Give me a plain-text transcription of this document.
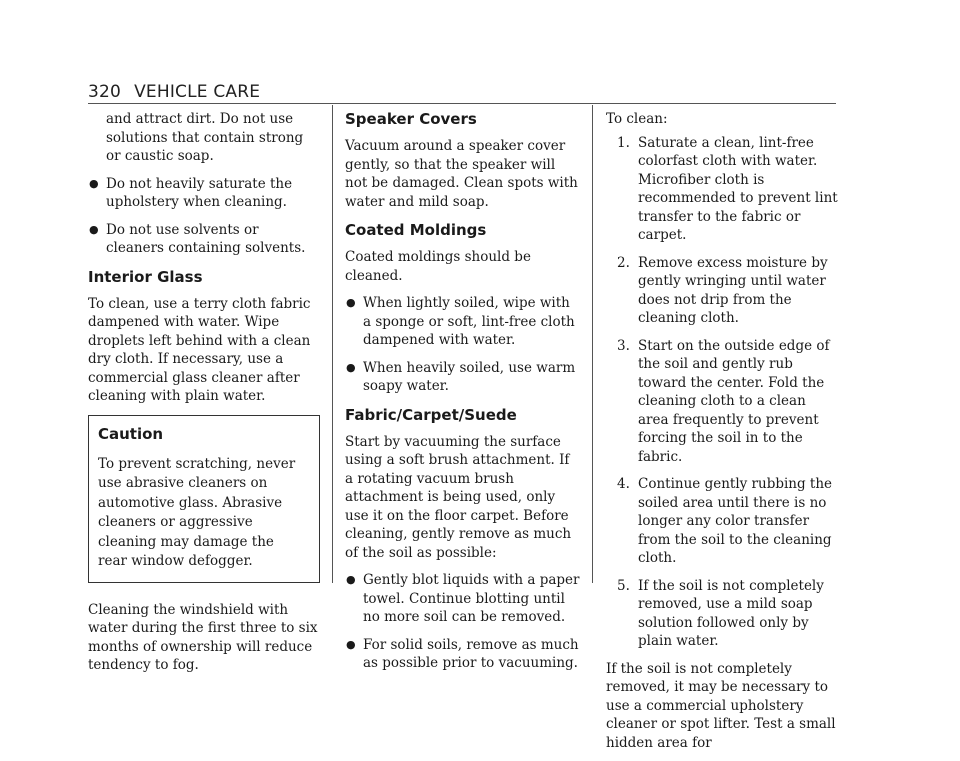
320 VEHICLE CARE
and attract dirt. Do not use solutions that contain strong or caustic soap.
● Do not heavily saturate the upholstery when cleaning.
● Do not use solvents or cleaners containing solvents.
Interior Glass

To clean, use a terry cloth fabric dampened with water. Wipe droplets left behind with a clean dry cloth. If necessary, use a commercial glass cleaner after cleaning with plain water.

Caution

To prevent scratching, never use abrasive cleaners on automotive glass. Abrasive cleaners or aggressive cleaning may damage the rear window defogger.

Cleaning the windshield with water during the first three to six months of ownership will reduce tendency to fog.

Speaker Covers

Vacuum around a speaker cover gently, so that the speaker will not be damaged. Clean spots with water and mild soap.

Coated Moldings

Coated moldings should be cleaned.

● When lightly soiled, wipe with a sponge or soft, lint-free cloth dampened with water.
● When heavily soiled, use warm soapy water.
Fabric/Carpet/Suede

Start by vacuuming the surface using a soft brush attachment. If a rotating vacuum brush attachment is being used, only use it on the floor carpet. Before cleaning, gently remove as much of the soil as possible:

● Gently blot liquids with a paper towel. Continue blotting until no more soil can be removed.
● For solid soils, remove as much as possible prior to vacuuming.

To clean:

1. Saturate a clean, lint-free colorfast cloth with water. Microfiber cloth is recommended to prevent lint transfer to the fabric or carpet.
2. Remove excess moisture by gently wringing until water does not drip from the cleaning cloth.
3. Start on the outside edge of the soil and gently rub toward the center. Fold the cleaning cloth to a clean area frequently to prevent forcing the soil in to the fabric.
4. Continue gently rubbing the soiled area until there is no longer any color transfer from the soil to the cleaning cloth.
5. If the soil is not completely removed, use a mild soap solution followed only by plain water.

If the soil is not completely removed, it may be necessary to use a commercial upholstery cleaner or spot lifter. Test a small hidden area for
